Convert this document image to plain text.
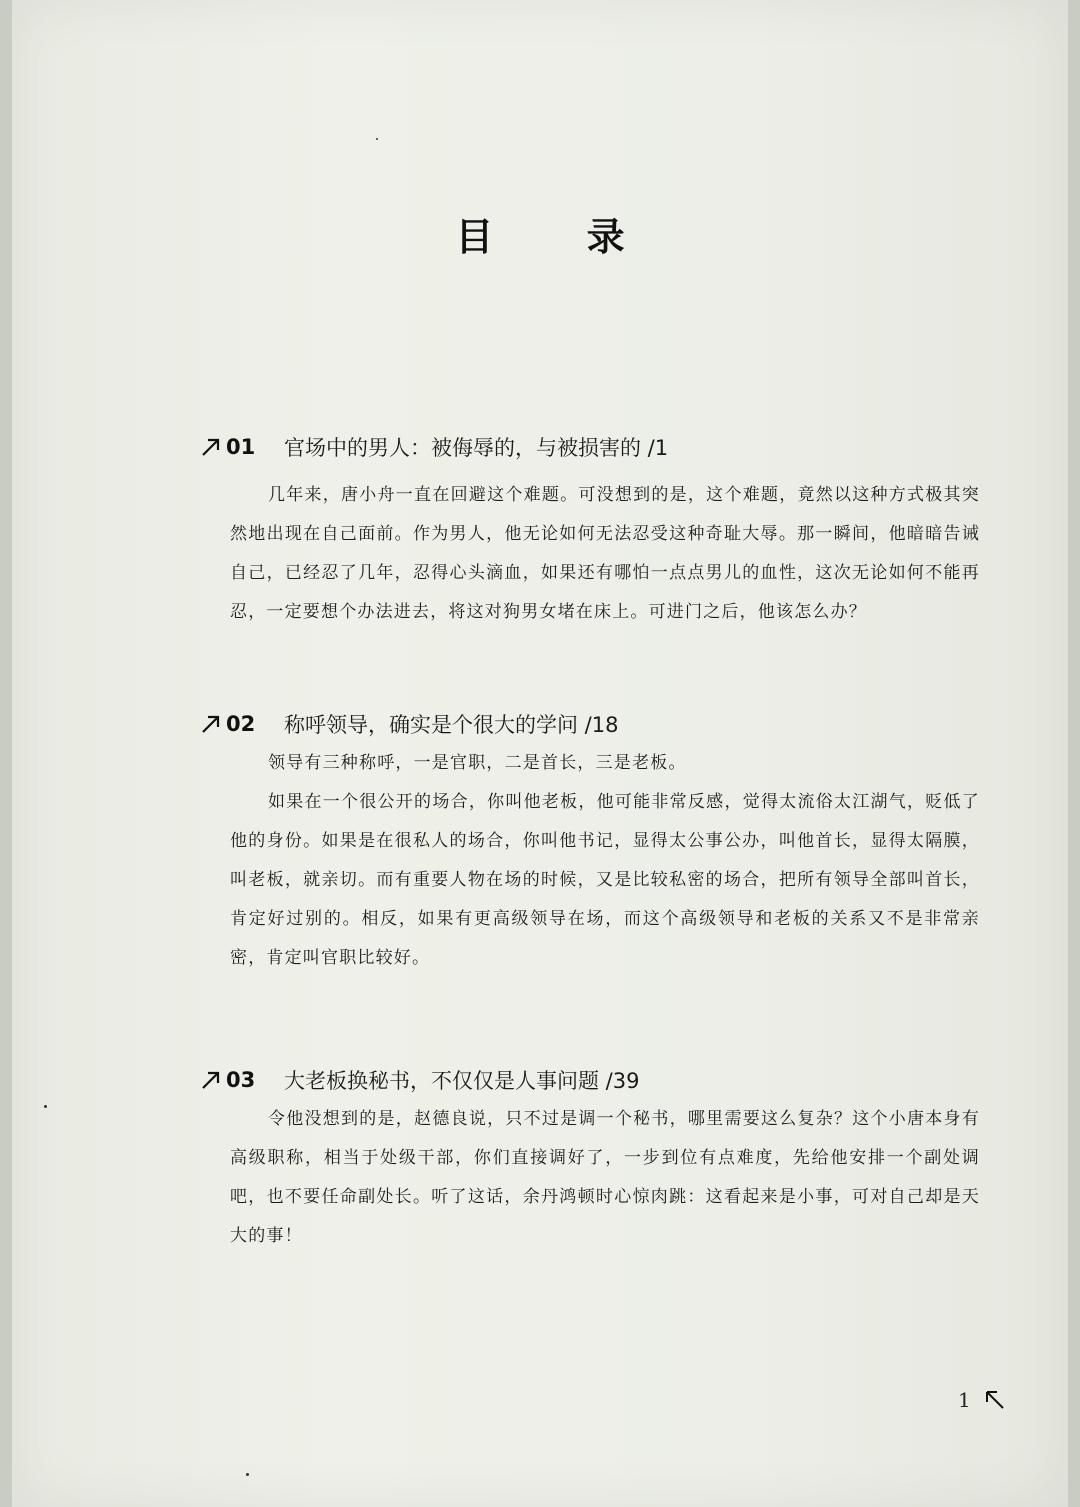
目 录
01	官场中的男人：被侮辱的，与被损害的 /1

几年来，唐小舟一直在回避这个难题。可没想到的是，这个难题，竟然以这种方式极其突然地出现在自己面前。作为男人，他无论如何无法忍受这种奇耻大辱。那一瞬间，他暗暗告诫自己，已经忍了几年，忍得心头滴血，如果还有哪怕一点点男儿的血性，这次无论如何不能再忍，一定要想个办法进去，将这对狗男女堵在床上。可进门之后，他该怎么办？

02	称呼领导，确实是个很大的学问 /18

领导有三种称呼，一是官职，二是首长，三是老板。

如果在一个很公开的场合，你叫他老板，他可能非常反感，觉得太流俗太江湖气，贬低了他的身份。如果是在很私人的场合，你叫他书记，显得太公事公办，叫他首长，显得太隔膜，叫老板，就亲切。而有重要人物在场的时候，又是比较私密的场合，把所有领导全部叫首长，肯定好过别的。相反，如果有更高级领导在场，而这个高级领导和老板的关系又不是非常亲密，肯定叫官职比较好。

03	大老板换秘书，不仅仅是人事问题 /39

令他没想到的是，赵德良说，只不过是调一个秘书，哪里需要这么复杂？这个小唐本身有高级职称，相当于处级干部，你们直接调好了，一步到位有点难度，先给他安排一个副处调吧，也不要任命副处长。听了这话，余丹鸿顿时心惊肉跳：这看起来是小事，可对自己却是天大的事！

1
